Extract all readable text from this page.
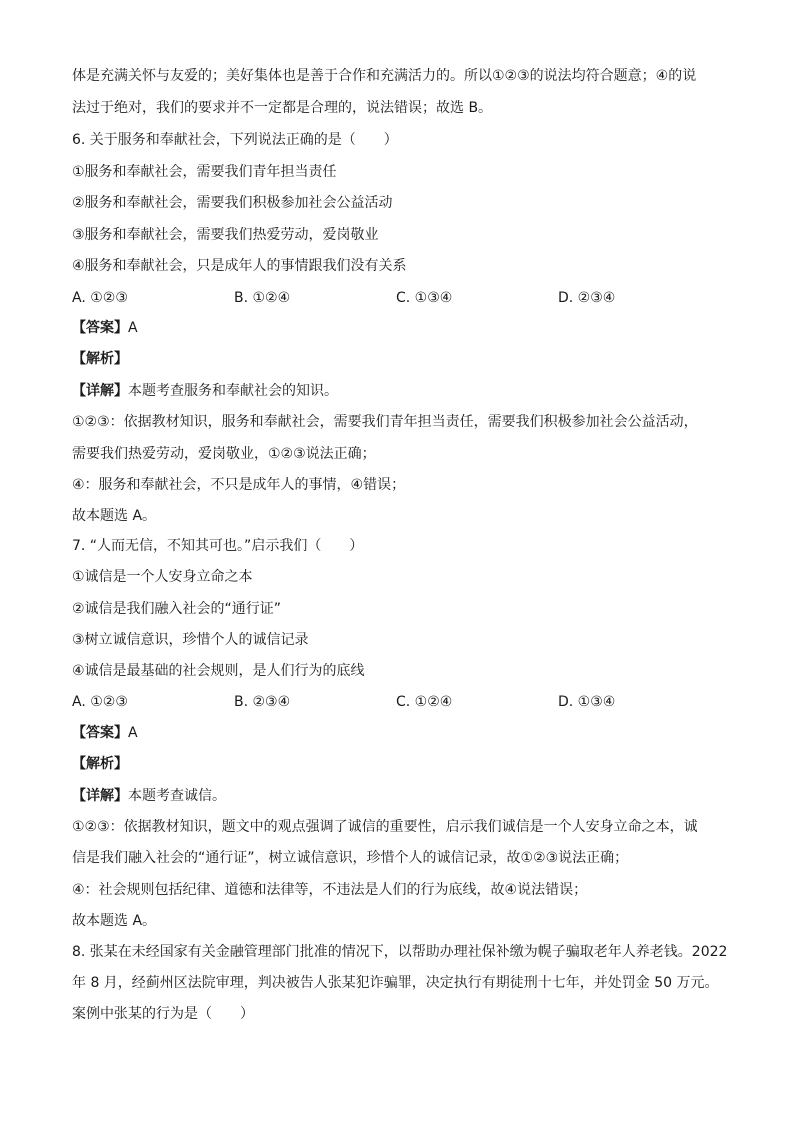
体是充满关怀与友爱的；美好集体也是善于合作和充满活力的。所以①②③的说法均符合题意；④的说
法过于绝对，我们的要求并不一定都是合理的，说法错误；故选 B。
6. 关于服务和奉献社会，下列说法正确的是（　　）
①服务和奉献社会，需要我们青年担当责任
②服务和奉献社会，需要我们积极参加社会公益活动
③服务和奉献社会，需要我们热爱劳动，爱岗敬业
④服务和奉献社会，只是成年人的事情跟我们没有关系
A. ①②③	B. ①②④	C. ①③④	D. ②③④
【答案】A
【解析】
【详解】本题考查服务和奉献社会的知识。
①②③：依据教材知识，服务和奉献社会，需要我们青年担当责任，需要我们积极参加社会公益活动，
需要我们热爱劳动，爱岗敬业，①②③说法正确；
④：服务和奉献社会，不只是成年人的事情，④错误；
故本题选 A。
7. “人而无信，不知其可也。”启示我们（　　）
①诚信是一个人安身立命之本
②诚信是我们融入社会的“通行证”
③树立诚信意识，珍惜个人的诚信记录
④诚信是最基础的社会规则，是人们行为的底线
A. ①②③	B. ②③④	C. ①②④	D. ①③④
【答案】A
【解析】
【详解】本题考查诚信。
①②③：依据教材知识，题文中的观点强调了诚信的重要性，启示我们诚信是一个人安身立命之本，诚
信是我们融入社会的“通行证”，树立诚信意识，珍惜个人的诚信记录，故①②③说法正确；
④：社会规则包括纪律、道德和法律等，不违法是人们的行为底线，故④说法错误；
故本题选 A。
8. 张某在未经国家有关金融管理部门批准的情况下，以帮助办理社保补缴为幌子骗取老年人养老钱。2022
年 8 月，经蓟州区法院审理，判决被告人张某犯诈骗罪，决定执行有期徒刑十七年，并处罚金 50 万元。
案例中张某的行为是（　　）
